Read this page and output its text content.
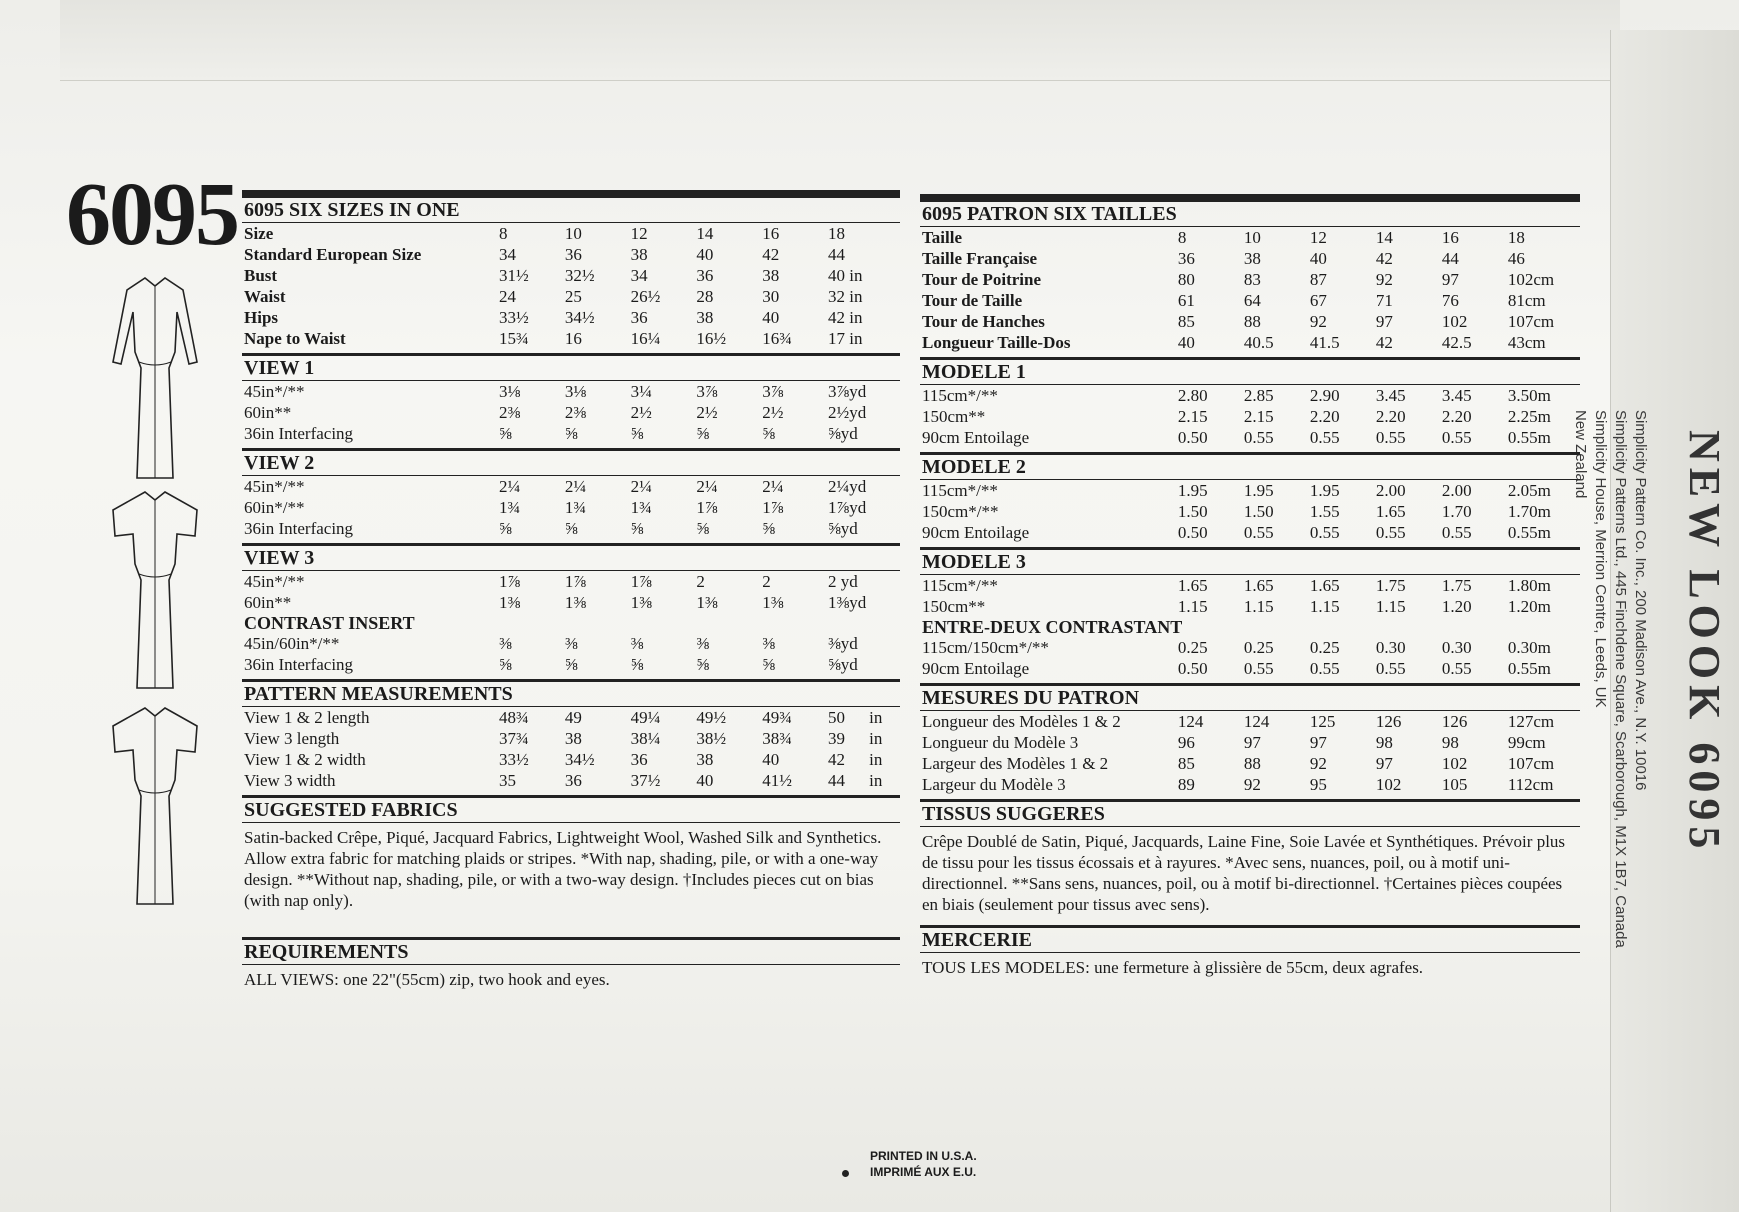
NEW LOOK 6095
Simplicity Pattern Co. Inc., 200 Madison Ave., N.Y. 10016
Simplicity Patterns Ltd., 445 Finchdene Square, Scarborough, M1X 1B7, Canada
Simplicity House, Merrion Centre, Leeds, UK
New Zealand
6095 6095 SIX SIZES IN ONE
Size	8	10	12	14	16	18
Standard European Size	34	36	38	40	42	44
Bust	31½	32½	34	36	38	40 in
Waist	24	25	26½	28	30	32 in
Hips	33½	34½	36	38	40	42 in
Nape to Waist	15¾	16	16¼	16½	16¾	17 in
VIEW 1
45in*/**	3⅛	3⅛	3¼	3⅞	3⅞	3⅞yd
60in**	2⅜	2⅜	2½	2½	2½	2½yd
36in Interfacing	⅝	⅝	⅝	⅝	⅝	⅝yd
VIEW 2
45in*/**	2¼	2¼	2¼	2¼	2¼	2¼yd
60in*/**	1¾	1¾	1¾	1⅞	1⅞	1⅞yd
36in Interfacing	⅝	⅝	⅝	⅝	⅝	⅝yd
VIEW 3
45in*/**	1⅞	1⅞	1⅞	2	2	2 yd
60in**	1⅜	1⅜	1⅜	1⅜	1⅜	1⅜yd
CONTRAST INSERT
45in/60in*/**	⅜	⅜	⅜	⅜	⅜	⅜yd
36in Interfacing	⅝	⅝	⅝	⅝	⅝	⅝yd
PATTERN MEASUREMENTS
View 1 & 2 length	48¾	49	49¼	49½	49¾	50	in
View 3 length	37¾	38	38¼	38½	38¾	39	in
View 1 & 2 width	33½	34½	36	38	40	42	in
View 3 width	35	36	37½	40	41½	44	in
SUGGESTED FABRICS
Satin-backed Crêpe, Piqué, Jacquard Fabrics, Lightweight Wool, Washed Silk and Synthetics. Allow extra fabric for matching plaids or stripes. *With nap, shading, pile, or with a one-way design. **Without nap, shading, pile, or with a two-way design. †Includes pieces cut on bias (with nap only).
REQUIREMENTS
ALL VIEWS: one 22"(55cm) zip, two hook and eyes.
6095 PATRON SIX TAILLES
Taille	8	10	12	14	16	18
Taille Française	36	38	40	42	44	46
Tour de Poitrine	80	83	87	92	97	102cm
Tour de Taille	61	64	67	71	76	81cm
Tour de Hanches	85	88	92	97	102	107cm
Longueur Taille-Dos	40	40.5	41.5	42	42.5	43cm
MODELE 1
115cm*/**	2.80	2.85	2.90	3.45	3.45	3.50m
150cm**	2.15	2.15	2.20	2.20	2.20	2.25m
90cm Entoilage	0.50	0.55	0.55	0.55	0.55	0.55m
MODELE 2
115cm*/**	1.95	1.95	1.95	2.00	2.00	2.05m
150cm*/**	1.50	1.50	1.55	1.65	1.70	1.70m
90cm Entoilage	0.50	0.55	0.55	0.55	0.55	0.55m
MODELE 3
115cm*/**	1.65	1.65	1.65	1.75	1.75	1.80m
150cm**	1.15	1.15	1.15	1.15	1.20	1.20m
ENTRE-DEUX CONTRASTANT
115cm/150cm*/**	0.25	0.25	0.25	0.30	0.30	0.30m
90cm Entoilage	0.50	0.55	0.55	0.55	0.55	0.55m
MESURES DU PATRON
Longueur des Modèles 1 & 2	124	124	125	126	126	127cm
Longueur du Modèle 3	96	97	97	98	98	99cm
Largeur des Modèles 1 & 2	85	88	92	97	102	107cm
Largeur du Modèle 3	89	92	95	102	105	112cm
TISSUS SUGGERES
Crêpe Doublé de Satin, Piqué, Jacquards, Laine Fine, Soie Lavée et Synthétiques. Prévoir plus de tissu pour les tissus écossais et à rayures. *Avec sens, nuances, poil, ou à motif uni-directionnel. **Sans sens, nuances, poil, ou à motif bi-directionnel. †Certaines pièces coupées en biais (seulement pour tissus avec sens).
MERCERIE
TOUS LES MODELES: une fermeture à glissière de 55cm, deux agrafes.
PRINTED IN U.S.A.
IMPRIMÉ AUX E.U.
